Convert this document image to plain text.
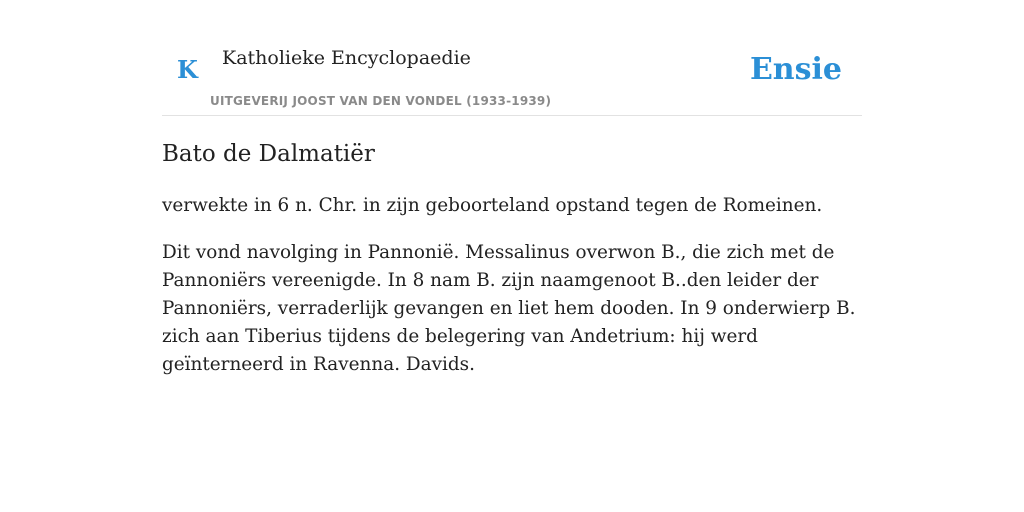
K Katholieke Encyclopaedie
UITGEVERIJ JOOST VAN DEN VONDEL (1933-1939)
Ensie
Bato de Dalmatiër

verwekte in 6 n. Chr. in zijn geboorteland opstand tegen de Romeinen.

Dit vond navolging in Pannonië. Messalinus overwon B., die zich met de Pannoniërs vereenigde. In 8 nam B. zijn naamgenoot B..den leider der Pannoniërs, verraderlijk gevangen en liet hem dooden. In 9 onderwierp B. zich aan Tiberius tijdens de belegering van Andetrium: hij werd geïnterneerd in Ravenna. Davids.
